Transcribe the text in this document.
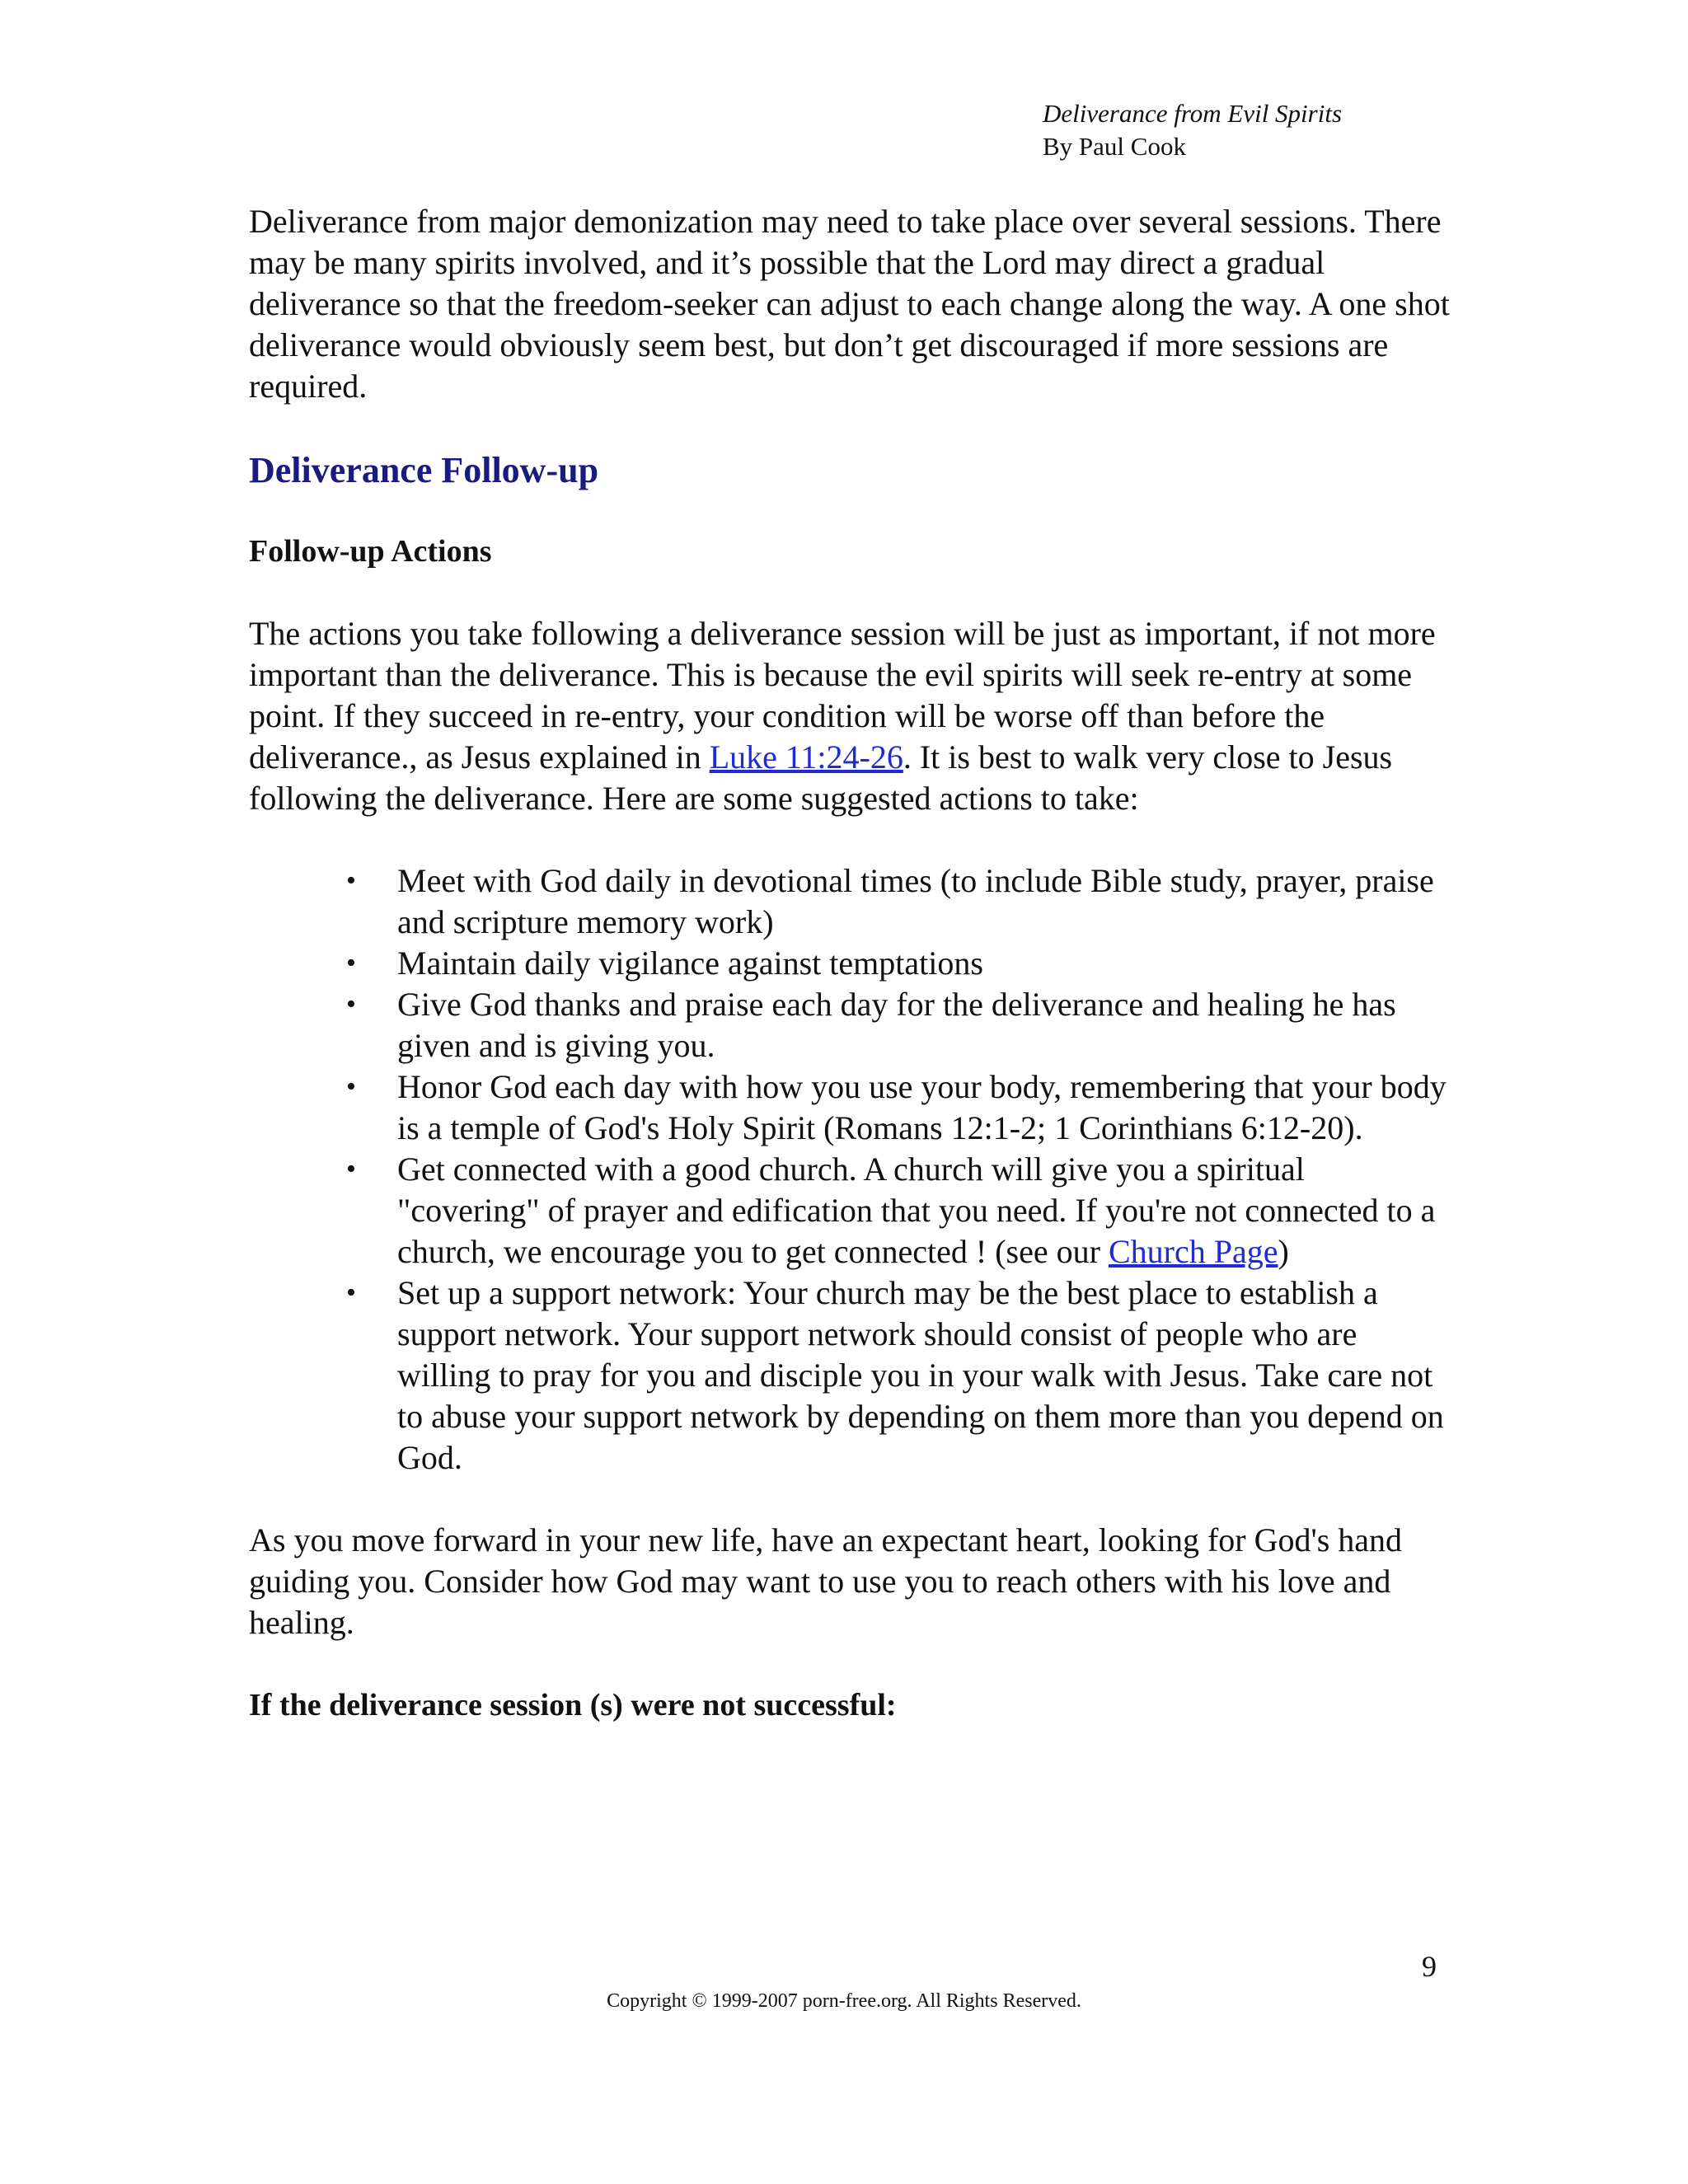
Deliverance from Evil Spirits
By Paul Cook

Deliverance from major demonization may need to take place over several sessions. There may be many spirits involved, and it’s possible that the Lord may direct a gradual deliverance so that the freedom-seeker can adjust to each change along the way. A one shot deliverance would obviously seem best, but don’t get discouraged if more sessions are required.

Deliverance Follow-up
Follow-up Actions

The actions you take following a deliverance session will be just as important, if not more important than the deliverance. This is because the evil spirits will seek re-entry at some point. If they succeed in re-entry, your condition will be worse off than before the deliverance., as Jesus explained in Luke 11:24-26. It is best to walk very close to Jesus following the deliverance. Here are some suggested actions to take:

• Meet with God daily in devotional times (to include Bible study, prayer, praise and scripture memory work)
• Maintain daily vigilance against temptations
• Give God thanks and praise each day for the deliverance and healing he has given and is giving you.
• Honor God each day with how you use your body, remembering that your body is a temple of God's Holy Spirit (Romans 12:1-2; 1 Corinthians 6:12-20).
• Get connected with a good church. A church will give you a spiritual "covering" of prayer and edification that you need. If you're not connected to a church, we encourage you to get connected ! (see our Church Page)
• Set up a support network: Your church may be the best place to establish a support network. Your support network should consist of people who are willing to pray for you and disciple you in your walk with Jesus. Take care not to abuse your support network by depending on them more than you depend on God.

As you move forward in your new life, have an expectant heart, looking for God's hand guiding you. Consider how God may want to use you to reach others with his love and healing.

If the deliverance session (s) were not successful:
9
Copyright © 1999-2007 porn-free.org. All Rights Reserved.
